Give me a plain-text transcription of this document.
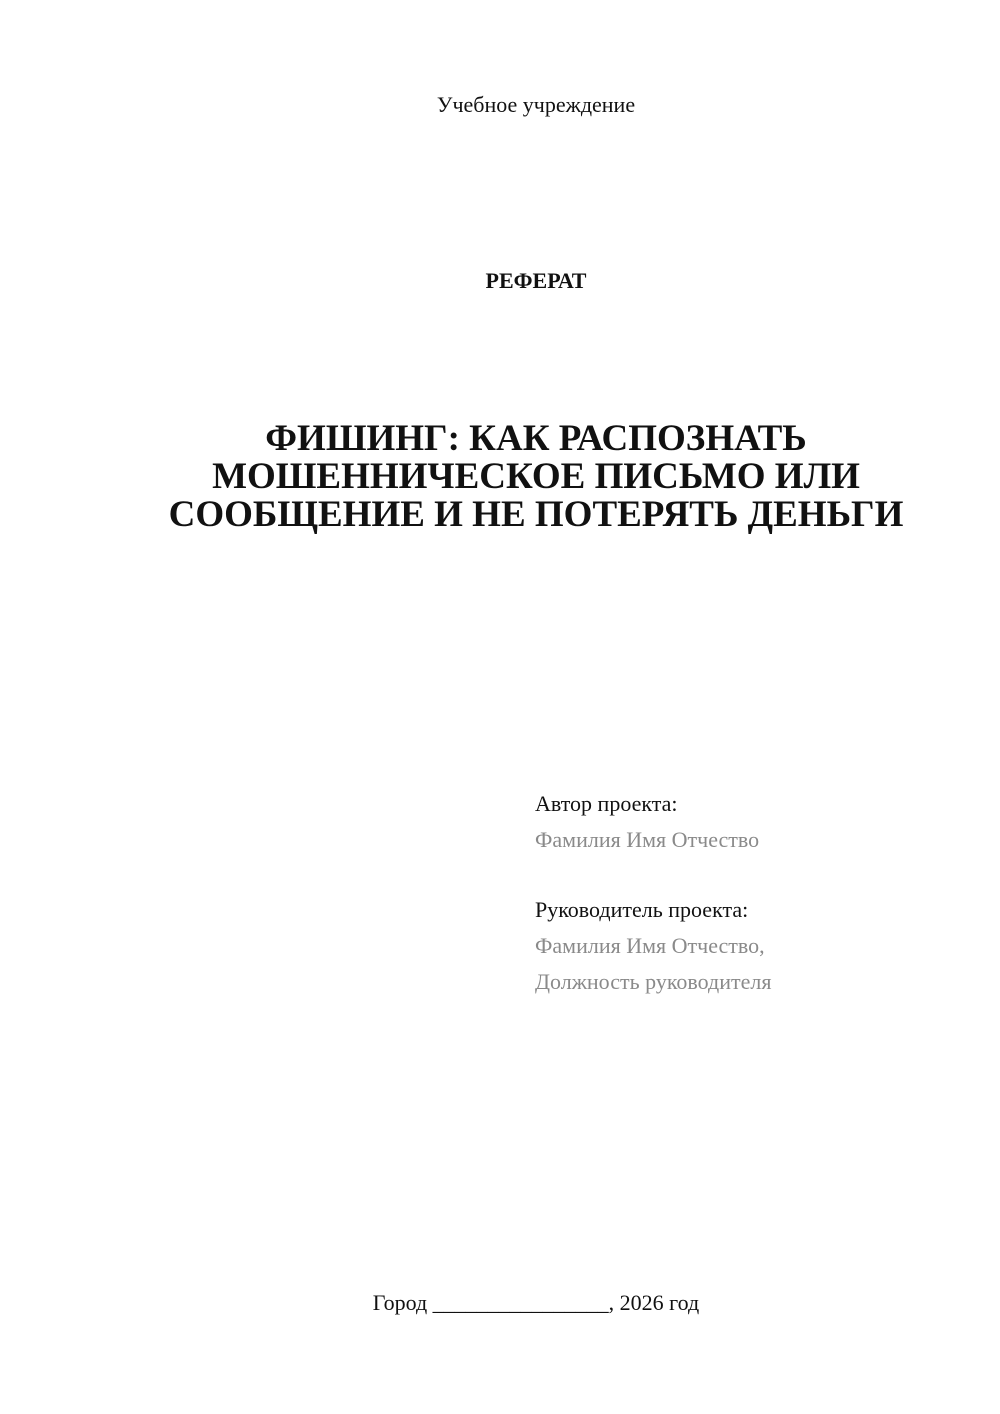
Учебное учреждение
РЕФЕРАТ
ФИШИНГ: КАК РАСПОЗНАТЬ
МОШЕННИЧЕСКОЕ ПИСЬМО ИЛИ
СООБЩЕНИЕ И НЕ ПОТЕРЯТЬ ДЕНЬГИ
Автор проекта:
Фамилия Имя Отчество
Руководитель проекта:
Фамилия Имя Отчество,
Должность руководителя
Город ________________, 2026 год
